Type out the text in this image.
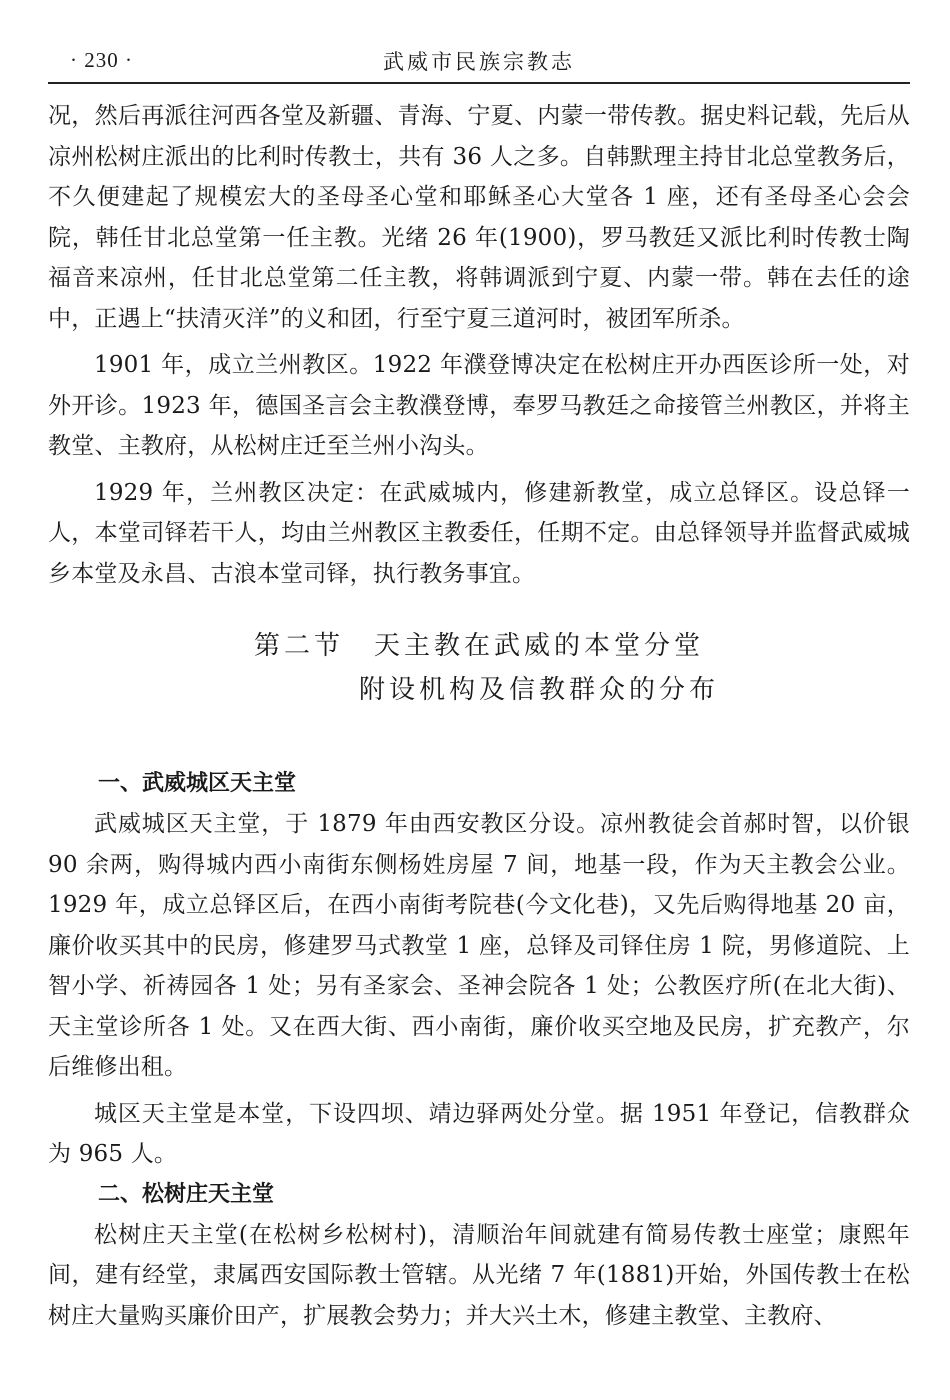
· 230 ·	武威市民族宗教志

况，然后再派往河西各堂及新疆、青海、宁夏、内蒙一带传教。据史料记载，先后从凉州松树庄派出的比利时传教士，共有 36 人之多。自韩默理主持甘北总堂教务后，不久便建起了规模宏大的圣母圣心堂和耶稣圣心大堂各 1 座，还有圣母圣心会会院，韩任甘北总堂第一任主教。光绪 26 年(1900)，罗马教廷又派比利时传教士陶福音来凉州，任甘北总堂第二任主教，将韩调派到宁夏、内蒙一带。韩在去任的途中，正遇上“扶清灭洋”的义和团，行至宁夏三道河时，被团军所杀。

1901 年，成立兰州教区。1922 年濮登博决定在松树庄开办西医诊所一处，对外开诊。1923 年，德国圣言会主教濮登博，奉罗马教廷之命接管兰州教区，并将主教堂、主教府，从松树庄迁至兰州小沟头。

1929 年，兰州教区决定：在武威城内，修建新教堂，成立总铎区。设总铎一人，本堂司铎若干人，均由兰州教区主教委任，任期不定。由总铎领导并监督武威城乡本堂及永昌、古浪本堂司铎，执行教务事宜。

第二节　天主教在武威的本堂分堂

附设机构及信教群众的分布
一、武威城区天主堂

武威城区天主堂，于 1879 年由西安教区分设。凉州教徒会首郝时智，以价银 90 余两，购得城内西小南街东侧杨姓房屋 7 间，地基一段，作为天主教会公业。1929 年，成立总铎区后，在西小南街考院巷(今文化巷)，又先后购得地基 20 亩，廉价收买其中的民房，修建罗马式教堂 1 座，总铎及司铎住房 1 院，男修道院、上智小学、祈祷园各 1 处；另有圣家会、圣神会院各 1 处；公教医疗所(在北大街)、天主堂诊所各 1 处。又在西大街、西小南街，廉价收买空地及民房，扩充教产，尔后维修出租。

城区天主堂是本堂，下设四坝、靖边驿两处分堂。据 1951 年登记，信教群众为 965 人。

二、松树庄天主堂

松树庄天主堂(在松树乡松树村)，清顺治年间就建有简易传教士座堂；康熙年间，建有经堂，隶属西安国际教士管辖。从光绪 7 年(1881)开始，外国传教士在松树庄大量购买廉价田产，扩展教会势力；并大兴土木，修建主教堂、主教府、
